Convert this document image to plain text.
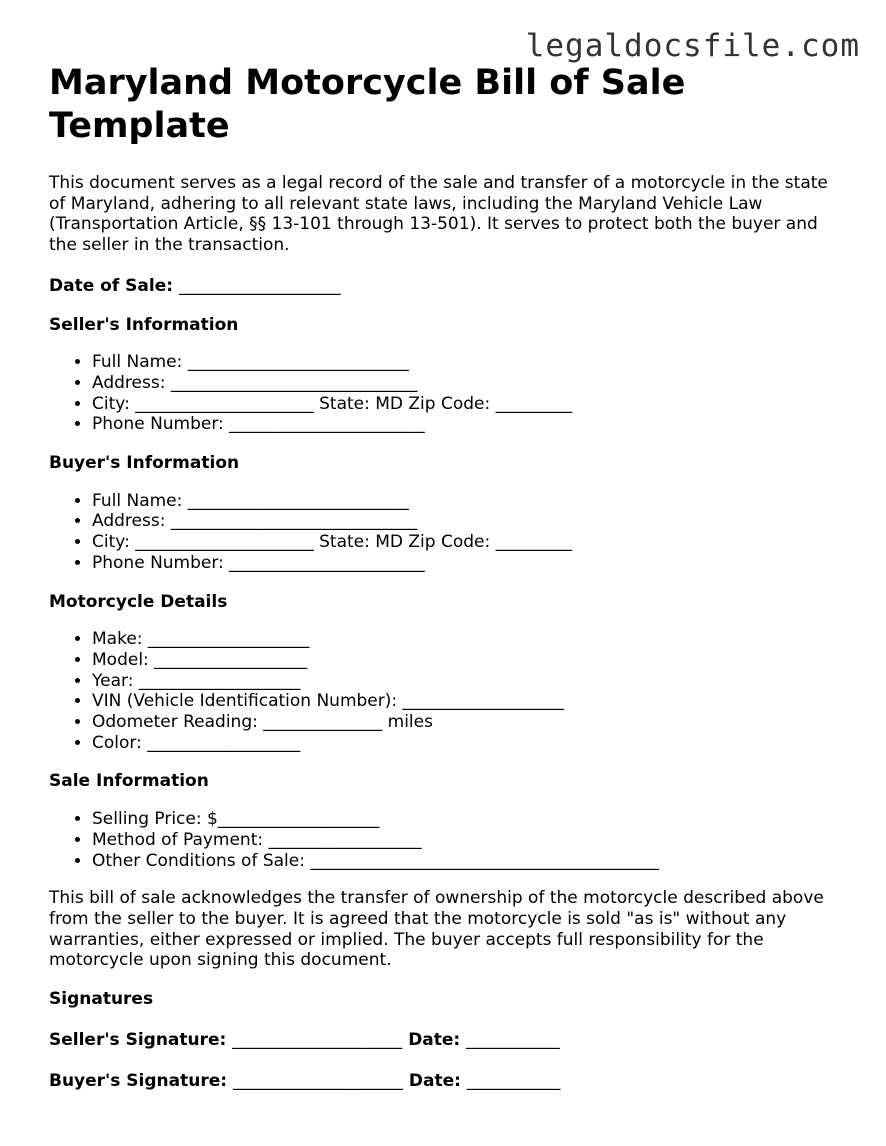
legaldocsfile.com
Maryland Motorcycle Bill of Sale Template

This document serves as a legal record of the sale and transfer of a motorcycle in the state of Maryland, adhering to all relevant state laws, including the Maryland Vehicle Law (Transportation Article, §§ 13-101 through 13-501). It serves to protect both the buyer and the seller in the transaction.

Date of Sale: ___________________

Seller's Information

• Full Name: __________________________
• Address: _____________________________
• City: _____________________ State: MD Zip Code: _________
• Phone Number: _______________________

Buyer's Information

• Full Name: __________________________
• Address: _____________________________
• City: _____________________ State: MD Zip Code: _________
• Phone Number: _______________________

Motorcycle Details

• Make: ___________________
• Model: __________________
• Year: ___________________
• VIN (Vehicle Identification Number): ___________________
• Odometer Reading: ______________ miles
• Color: __________________

Sale Information

• Selling Price: $___________________
• Method of Payment: __________________
• Other Conditions of Sale: _________________________________________

This bill of sale acknowledges the transfer of ownership of the motorcycle described above from the seller to the buyer. It is agreed that the motorcycle is sold "as is" without any warranties, either expressed or implied. The buyer accepts full responsibility for the motorcycle upon signing this document.

Signatures

Seller's Signature: ____________________ Date: ___________

Buyer's Signature: ____________________ Date: ___________
